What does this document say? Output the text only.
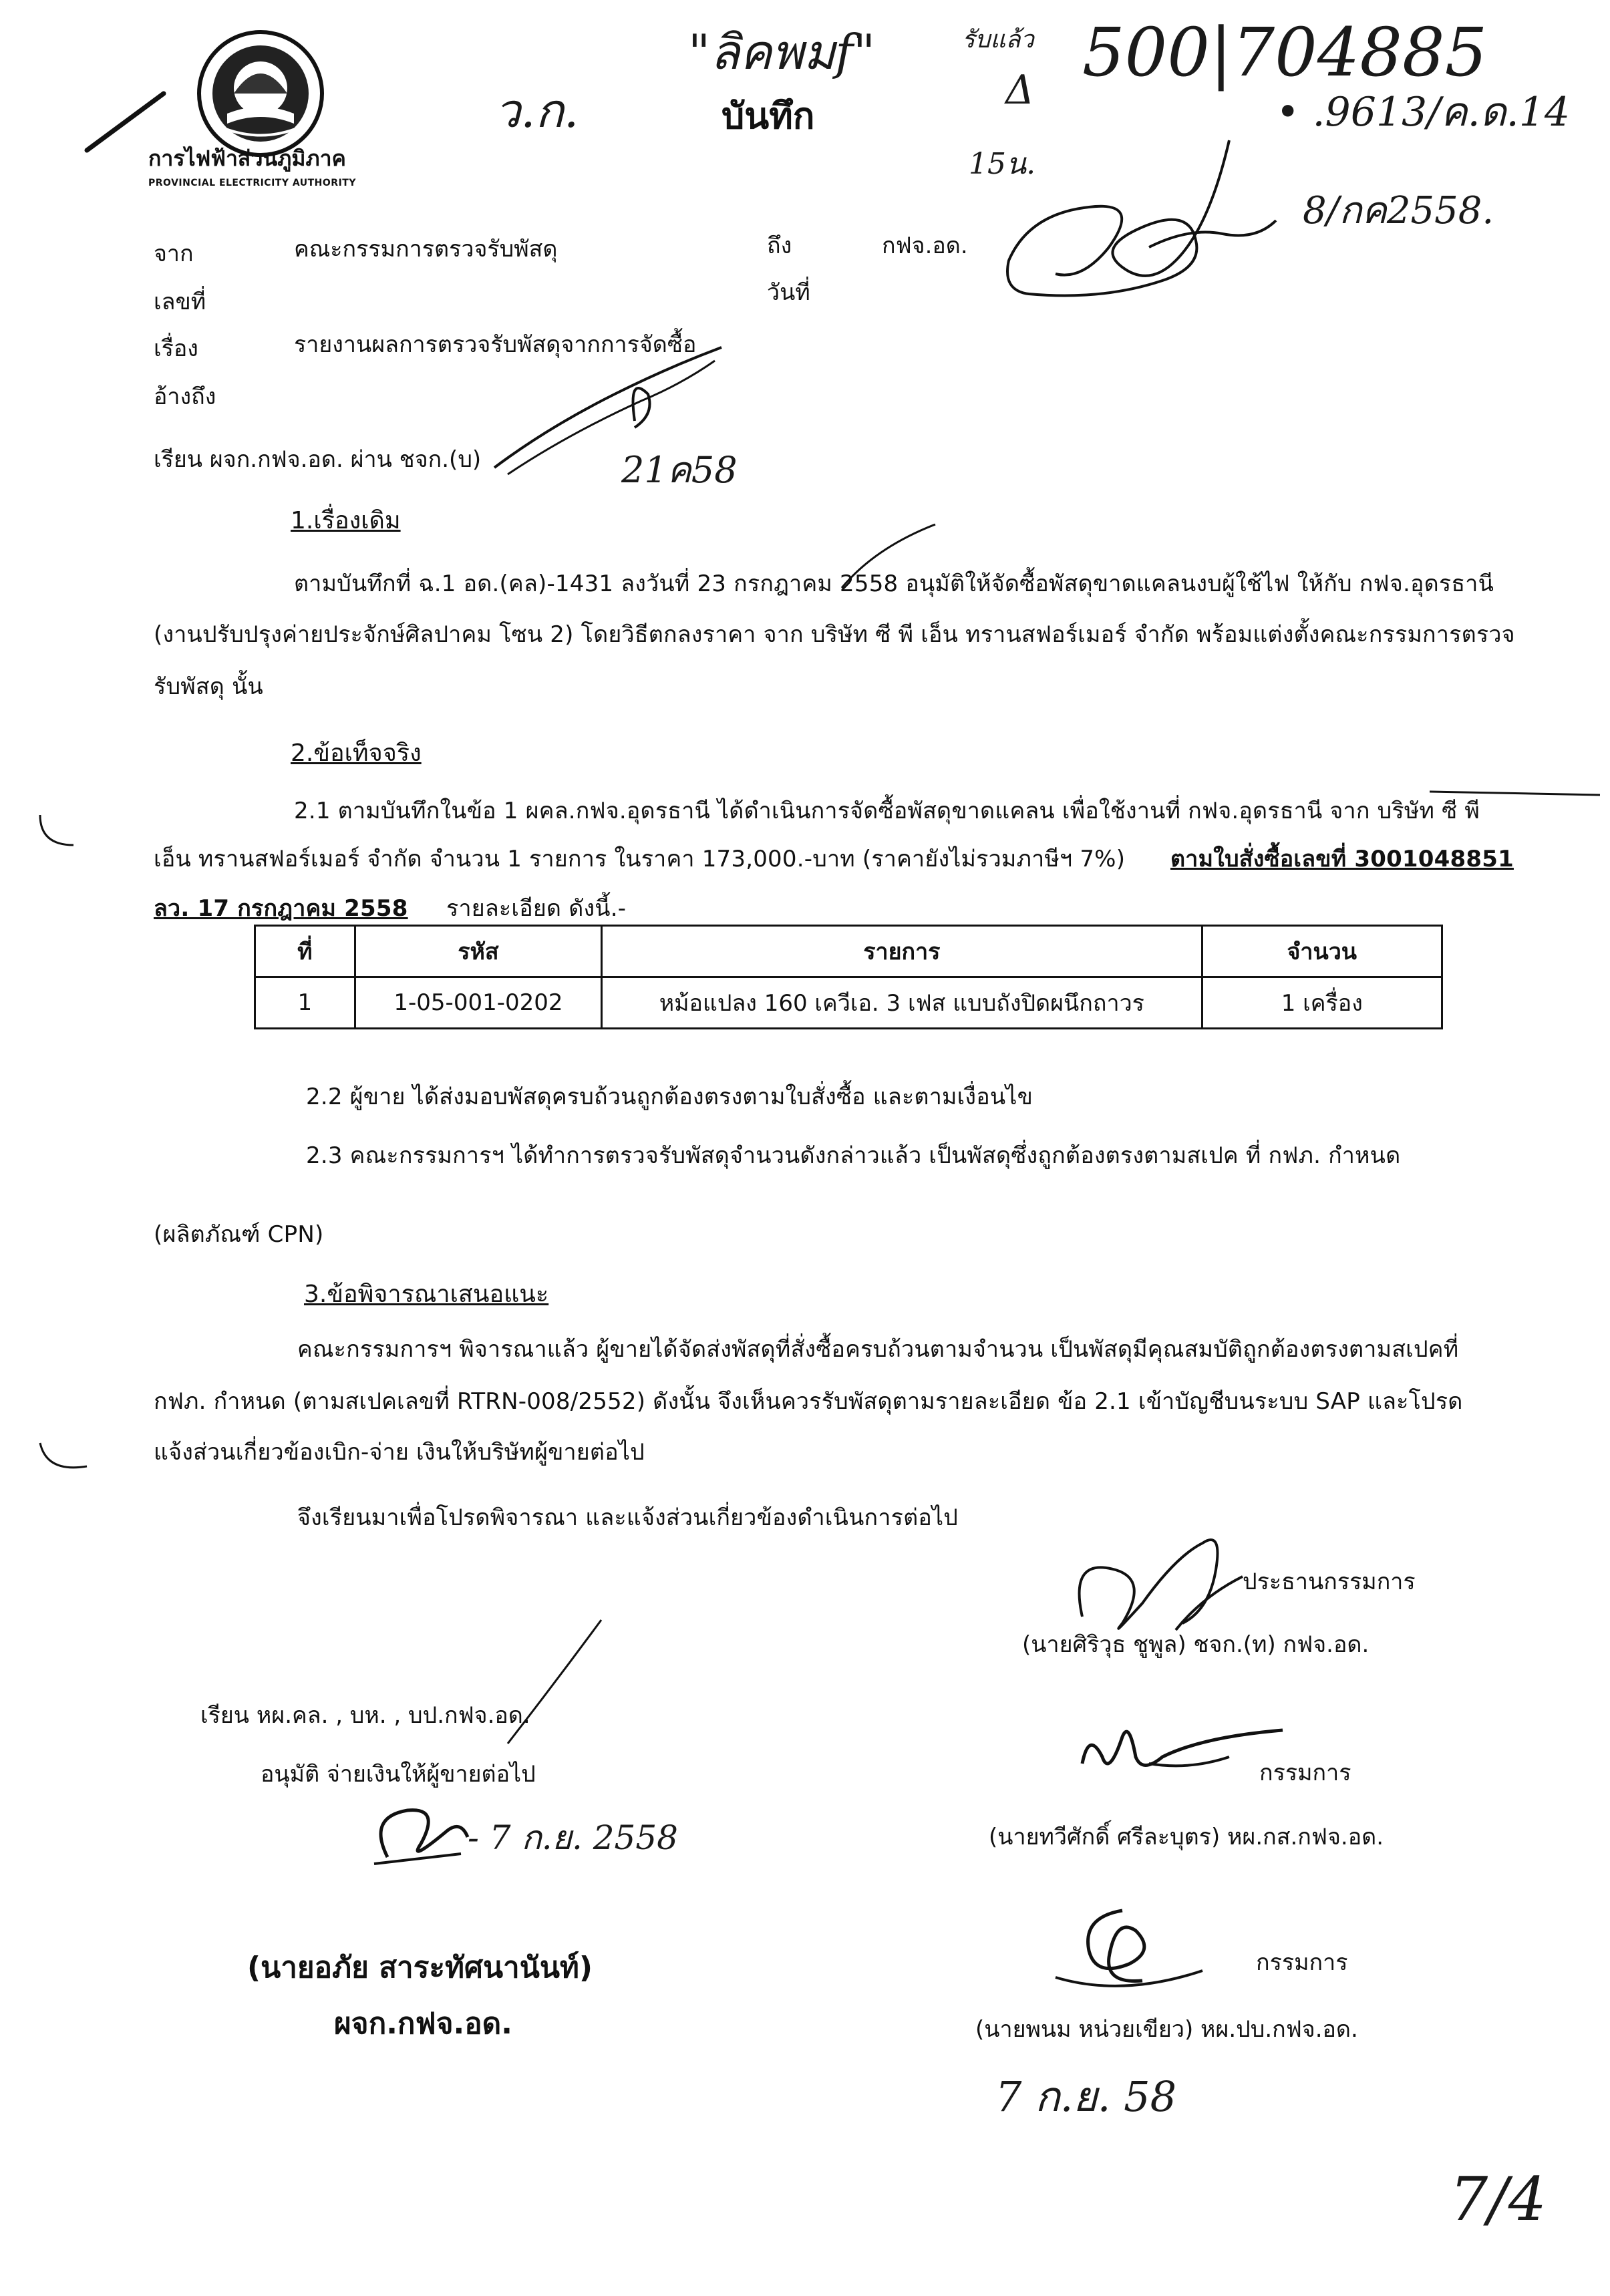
การไฟฟ้าส่วนภูมิภาค
PROVINCIAL ELECTRICITY AUTHORITY
ว.ก.
"ลิคพมf"
บันทึก
รับแล้ว
Δ
15น.
500|704885
• .9613/ค.ด.14
8/กค2558.
จาก	คณะกรรมการตรวจรับพัสดุ	ถึง	กฟจ.อด.
เลขที่	วันที่
เรื่อง	รายงานผลการตรวจรับพัสดุจากการจัดซื้อ
อ้างถึง
เรียน ผจก.กฟจ.อด. ผ่าน ชจก.(บ)	21ค58
1.เรื่องเดิม
ตามบันทึกที่ ฉ.1 อด.(คล)-1431 ลงวันที่ 23 กรกฎาคม 2558 อนุมัติให้จัดซื้อพัสดุขาดแคลนงบผู้ใช้ไฟ ให้กับ กฟจ.อุดรธานี
(งานปรับปรุงค่ายประจักษ์ศิลปาคม โซน 2) โดยวิธีตกลงราคา จาก บริษัท ซี พี เอ็น ทรานสฟอร์เมอร์ จำกัด พร้อมแต่งตั้งคณะกรรมการตรวจ
รับพัสดุ นั้น
2.ข้อเท็จจริง
2.1 ตามบันทึกในข้อ 1 ผคล.กฟจ.อุดรธานี ได้ดำเนินการจัดซื้อพัสดุขาดแคลน เพื่อใช้งานที่ กฟจ.อุดรธานี จาก บริษัท ซี พี
เอ็น ทรานสฟอร์เมอร์ จำกัด จำนวน 1 รายการ ในราคา 173,000.-บาท (ราคายังไม่รวมภาษีฯ 7%) ตามใบสั่งซื้อเลขที่ 3001048851
ลว. 17 กรกฎาคม 2558 รายละเอียด ดังนี้.-
ที่	รหัส	รายการ	จำนวน
1	1-05-001-0202	หม้อแปลง 160 เควีเอ. 3 เฟส แบบถังปิดผนึกถาวร	1 เครื่อง
2.2 ผู้ขาย ได้ส่งมอบพัสดุครบถ้วนถูกต้องตรงตามใบสั่งซื้อ และตามเงื่อนไข
2.3 คณะกรรมการฯ ได้ทำการตรวจรับพัสดุจำนวนดังกล่าวแล้ว เป็นพัสดุซึ่งถูกต้องตรงตามสเปค ที่ กฟภ. กำหนด
(ผลิตภัณฑ์ CPN)
3.ข้อพิจารณาเสนอแนะ
คณะกรรมการฯ พิจารณาแล้ว ผู้ขายได้จัดส่งพัสดุที่สั่งซื้อครบถ้วนตามจำนวน เป็นพัสดุมีคุณสมบัติถูกต้องตรงตามสเปคที่
กฟภ. กำหนด (ตามสเปคเลขที่ RTRN-008/2552) ดังนั้น จึงเห็นควรรับพัสดุตามรายละเอียด ข้อ 2.1 เข้าบัญชีบนระบบ SAP และโปรด
แจ้งส่วนเกี่ยวข้องเบิก-จ่าย เงินให้บริษัทผู้ขายต่อไป
จึงเรียนมาเพื่อโปรดพิจารณา และแจ้งส่วนเกี่ยวข้องดำเนินการต่อไป
ประธานกรรมการ
(นายศิริวุธ ชูพูล) ชจก.(ท) กฟจ.อด.
เรียน หผ.คล. , บห. , บป.กฟจ.อด.
อนุมัติ จ่ายเงินให้ผู้ขายต่อไป
- 7 ก.ย. 2558
(นายอภัย สาระทัศนานันท์)
ผจก.กฟจ.อด.
กรรมการ
(นายทวีศักดิ์ ศรีละบุตร) หผ.กส.กฟจ.อด.
กรรมการ
(นายพนม หน่วยเขียว) หผ.ปบ.กฟจ.อด.
7 ก.ย. 58
7/4
